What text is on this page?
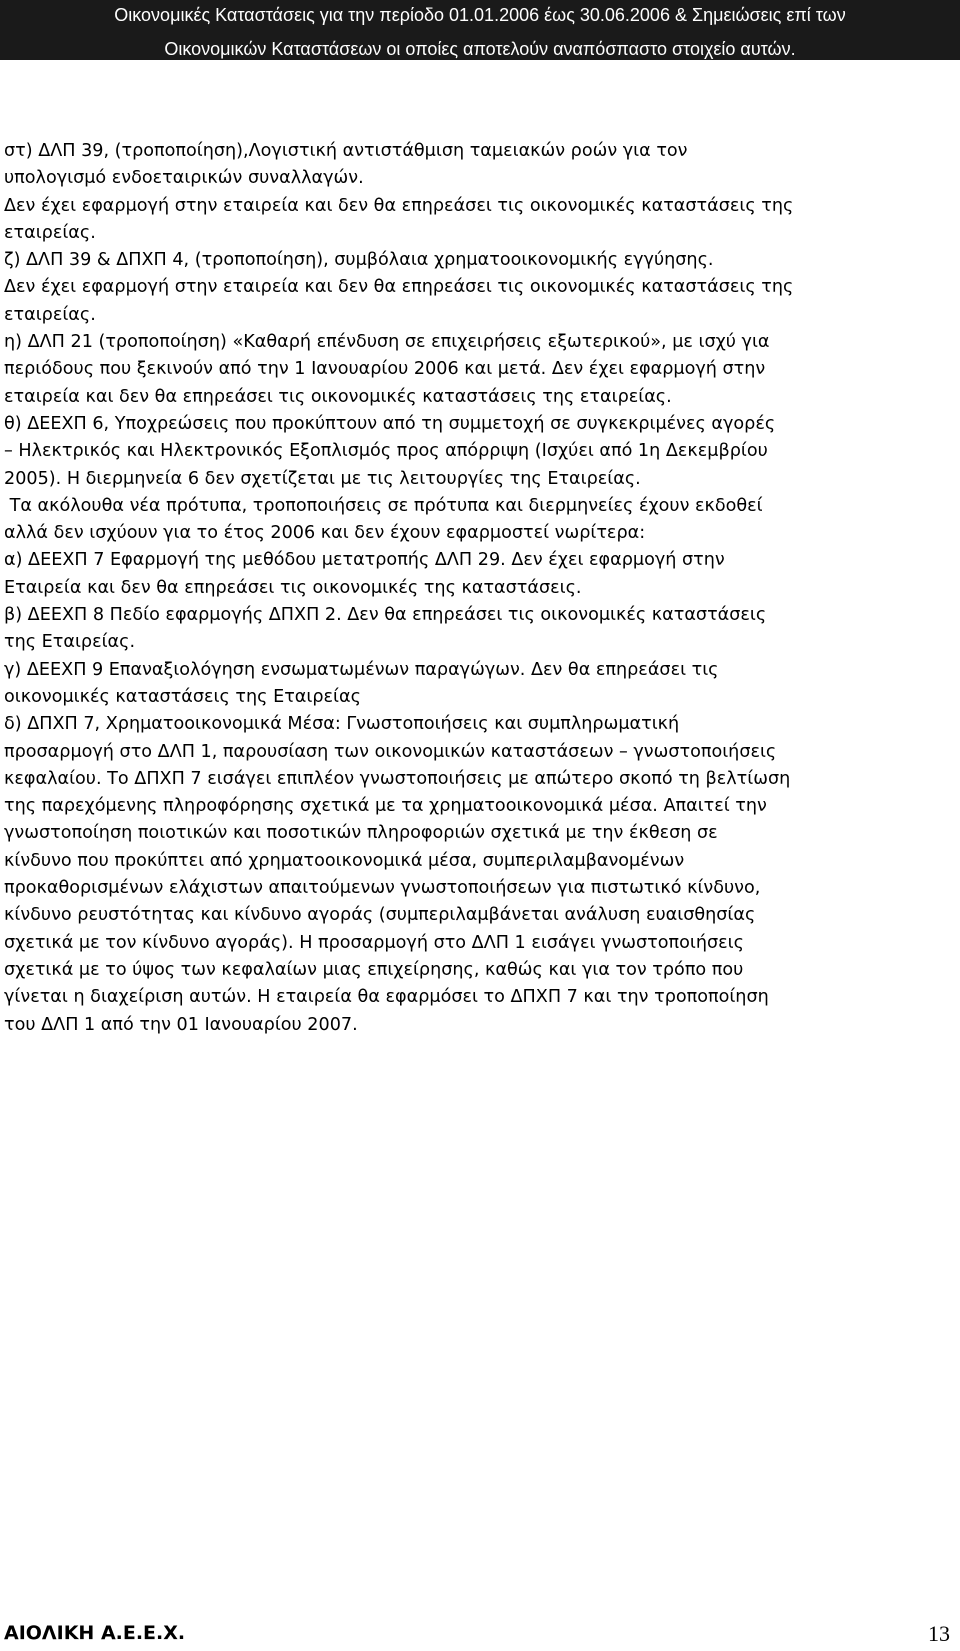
Οικονομικές Καταστάσεις για την περίοδο 01.01.2006 έως 30.06.2006 & Σημειώσεις επί των
Οικονομικών Καταστάσεων οι οποίες αποτελούν αναπόσπαστο στοιχείο αυτών.

στ) ΔΛΠ 39, (τροποποίηση),Λογιστική αντιστάθμιση ταμειακών ροών για τον

υπολογισμό ενδοεταιρικών συναλλαγών.

Δεν έχει εφαρμογή στην εταιρεία και δεν θα επηρεάσει τις οικονομικές καταστάσεις της

εταιρείας.

ζ) ΔΛΠ 39 & ΔΠΧΠ 4, (τροποποίηση), συμβόλαια χρηματοοικονομικής εγγύησης.

Δεν έχει εφαρμογή στην εταιρεία και δεν θα επηρεάσει τις οικονομικές καταστάσεις της

εταιρείας.

η) ΔΛΠ 21 (τροποποίηση) «Καθαρή επένδυση σε επιχειρήσεις εξωτερικού», με ισχύ για

περιόδους που ξεκινούν από την 1 Ιανουαρίου 2006 και μετά. Δεν έχει εφαρμογή στην

εταιρεία και δεν θα επηρεάσει τις οικονομικές καταστάσεις της εταιρείας.

θ) ΔΕΕΧΠ 6, Υποχρεώσεις που προκύπτουν από τη συμμετοχή σε συγκεκριμένες αγορές

– Ηλεκτρικός και Ηλεκτρονικός Εξοπλισμός προς απόρριψη (Ισχύει από 1η Δεκεμβρίου

2005). Η διερμηνεία 6 δεν σχετίζεται με τις λειτουργίες της Εταιρείας.

Τα ακόλουθα νέα πρότυπα, τροποποιήσεις σε πρότυπα και διερμηνείες έχουν εκδοθεί

αλλά δεν ισχύουν για το έτος 2006 και δεν έχουν εφαρμοστεί νωρίτερα:

α) ΔΕΕΧΠ 7 Εφαρμογή της μεθόδου μετατροπής ΔΛΠ 29. Δεν έχει εφαρμογή στην

Εταιρεία και δεν θα επηρεάσει τις οικονομικές της καταστάσεις.

β) ΔΕΕΧΠ 8 Πεδίο εφαρμογής ΔΠΧΠ 2. Δεν θα επηρεάσει τις οικονομικές καταστάσεις

της Εταιρείας.

γ) ΔΕΕΧΠ 9 Επαναξιολόγηση ενσωματωμένων παραγώγων. Δεν θα επηρεάσει τις

οικονομικές καταστάσεις της Εταιρείας

δ) ΔΠΧΠ 7, Χρηματοοικονομικά Μέσα: Γνωστοποιήσεις και συμπληρωματική

προσαρμογή στο ΔΛΠ 1, παρουσίαση των οικονομικών καταστάσεων – γνωστοποιήσεις

κεφαλαίου. Το ΔΠΧΠ 7 εισάγει επιπλέον γνωστοποιήσεις με απώτερο σκοπό τη βελτίωση

της παρεχόμενης πληροφόρησης σχετικά με τα χρηματοοικονομικά μέσα. Απαιτεί την

γνωστοποίηση ποιοτικών και ποσοτικών πληροφοριών σχετικά με την έκθεση σε

κίνδυνο που προκύπτει από χρηματοοικονομικά μέσα, συμπεριλαμβανομένων

προκαθορισμένων ελάχιστων απαιτούμενων γνωστοποιήσεων για πιστωτικό κίνδυνο,

κίνδυνο ρευστότητας και κίνδυνο αγοράς (συμπεριλαμβάνεται ανάλυση ευαισθησίας

σχετικά με τον κίνδυνο αγοράς). Η προσαρμογή στο ΔΛΠ 1 εισάγει γνωστοποιήσεις

σχετικά με το ύψος των κεφαλαίων μιας επιχείρησης, καθώς και για τον τρόπο που

γίνεται η διαχείριση αυτών. Η εταιρεία θα εφαρμόσει το ΔΠΧΠ 7 και την τροποποίηση

του ΔΛΠ 1 από την 01 Ιανουαρίου 2007.

ΑΙΟΛΙΚΗ Α.Ε.Ε.Χ.	13
